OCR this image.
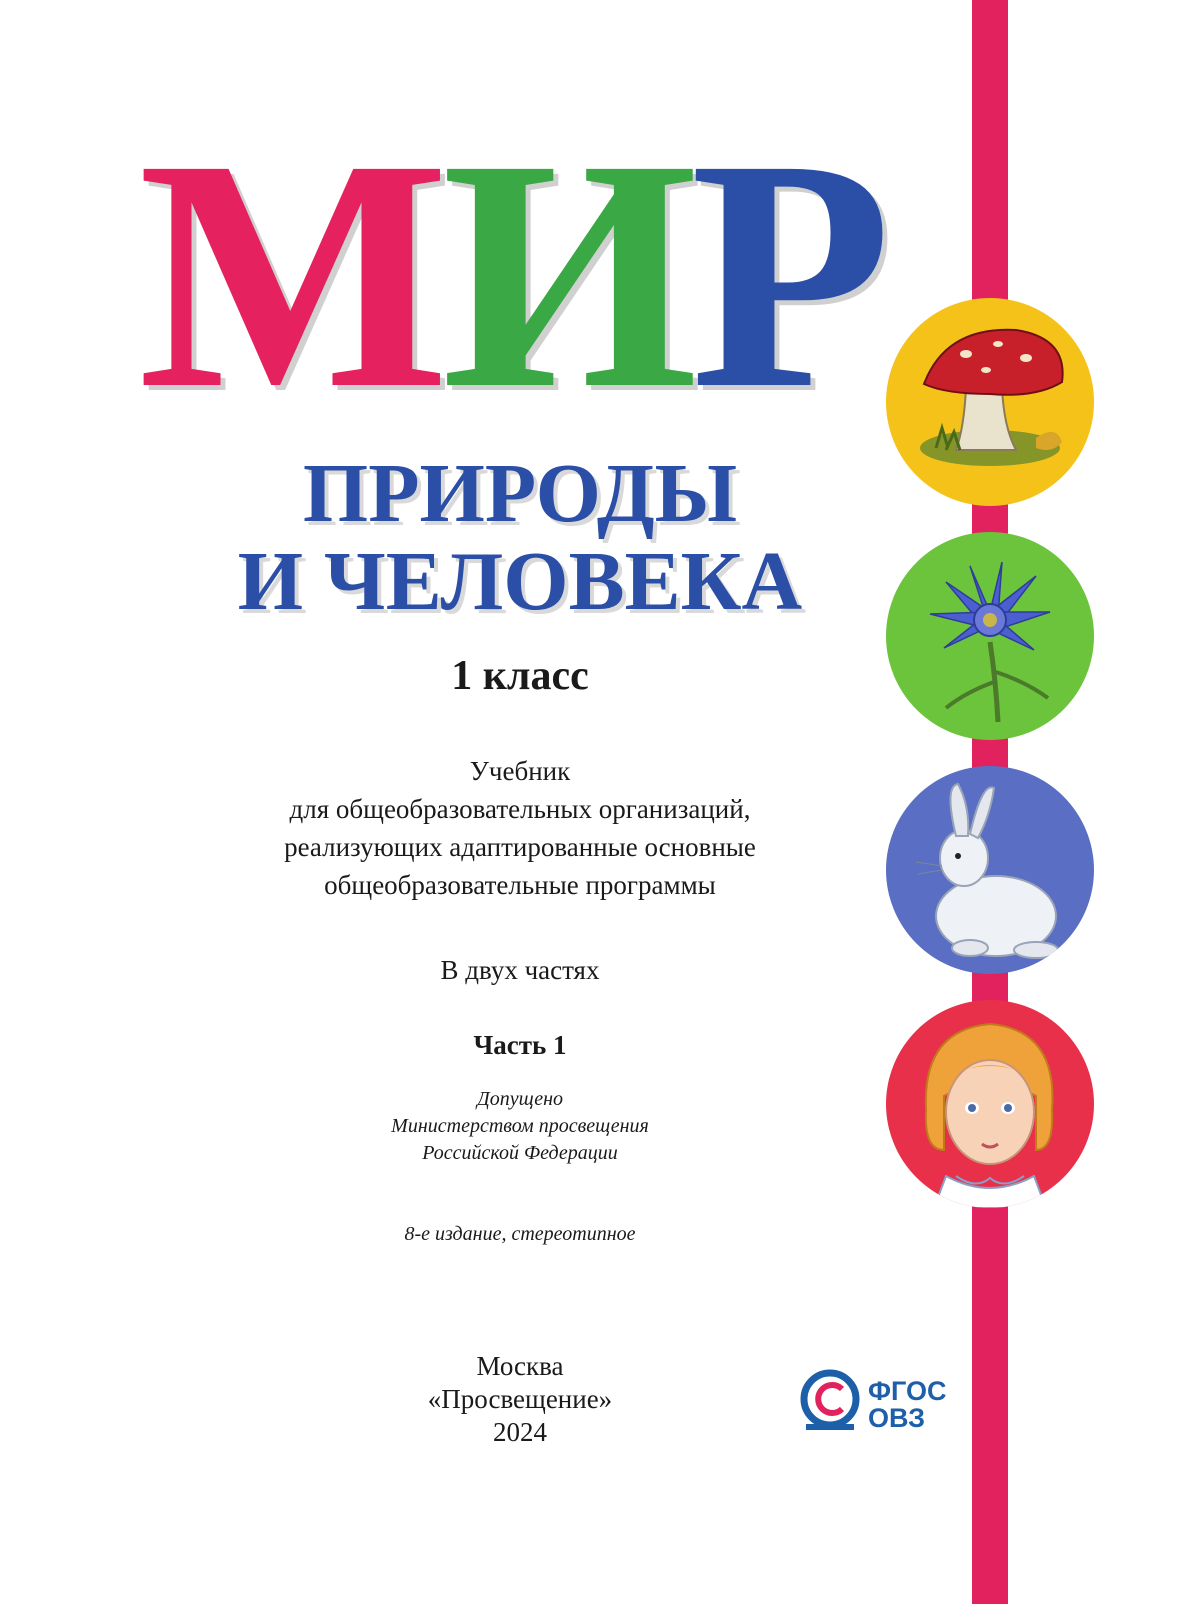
М И Р
ПРИРОДЫ
И ЧЕЛОВЕКА
1 класс
Учебник
для общеобразовательных организаций,
реализующих адаптированные основные
общеобразовательные программы
В двух частях
Часть 1
Допущено
Министерством просвещения
Российской Федерации
8-е издание, стереотипное
Москва
«Просвещение»
2024
ФГОС
ОВЗ
